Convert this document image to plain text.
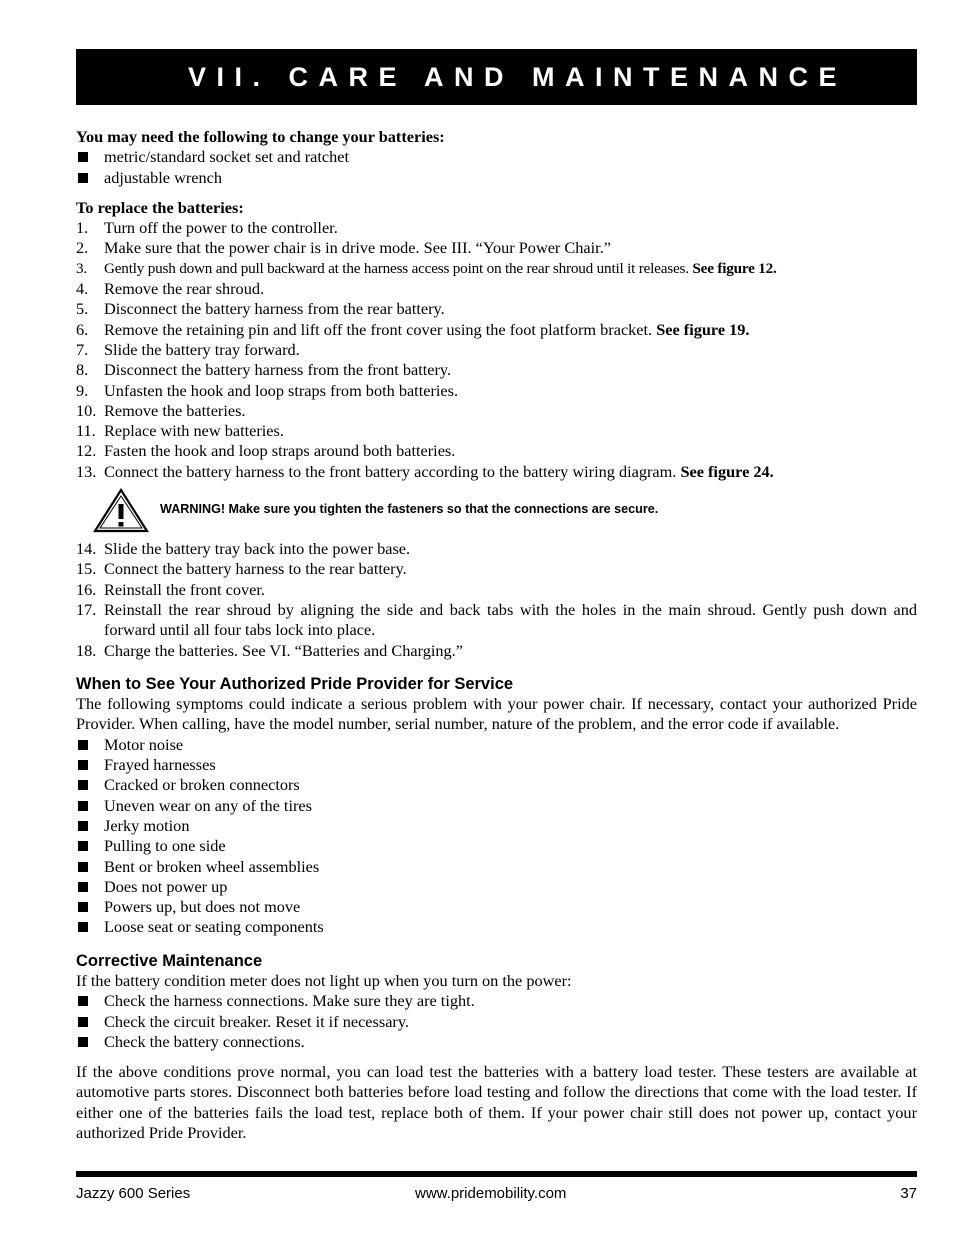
VII. CARE AND MAINTENANCE
You may need the following to change your batteries:
metric/standard socket set and ratchet
adjustable wrench
To replace the batteries:
1. Turn off the power to the controller.
2. Make sure that the power chair is in drive mode. See III. “Your Power Chair.”
3. Gently push down and pull backward at the harness access point on the rear shroud until it releases. See figure 12.
4. Remove the rear shroud.
5. Disconnect the battery harness from the rear battery.
6. Remove the retaining pin and lift off the front cover using the foot platform bracket. See figure 19.
7. Slide the battery tray forward.
8. Disconnect the battery harness from the front battery.
9. Unfasten the hook and loop straps from both batteries.
10. Remove the batteries.
11. Replace with new batteries.
12. Fasten the hook and loop straps around both batteries.
13. Connect the battery harness to the front battery according to the battery wiring diagram. See figure 24.
WARNING! Make sure you tighten the fasteners so that the connections are secure.
14. Slide the battery tray back into the power base.
15. Connect the battery harness to the rear battery.
16. Reinstall the front cover.
17. Reinstall the rear shroud by aligning the side and back tabs with the holes in the main shroud. Gently push down and forward until all four tabs lock into place.
18. Charge the batteries. See VI. “Batteries and Charging.”
When to See Your Authorized Pride Provider for Service
The following symptoms could indicate a serious problem with your power chair. If necessary, contact your authorized Pride Provider. When calling, have the model number, serial number, nature of the problem, and the error code if available.
Motor noise
Frayed harnesses
Cracked or broken connectors
Uneven wear on any of the tires
Jerky motion
Pulling to one side
Bent or broken wheel assemblies
Does not power up
Powers up, but does not move
Loose seat or seating components
Corrective Maintenance
If the battery condition meter does not light up when you turn on the power:
Check the harness connections. Make sure they are tight.
Check the circuit breaker. Reset it if necessary.
Check the battery connections.
If the above conditions prove normal, you can load test the batteries with a battery load tester. These testers are available at automotive parts stores. Disconnect both batteries before load testing and follow the directions that come with the load tester. If either one of the batteries fails the load test, replace both of them. If your power chair still does not power up, contact your authorized Pride Provider.
Jazzy 600 Series	www.pridemobility.com	37
